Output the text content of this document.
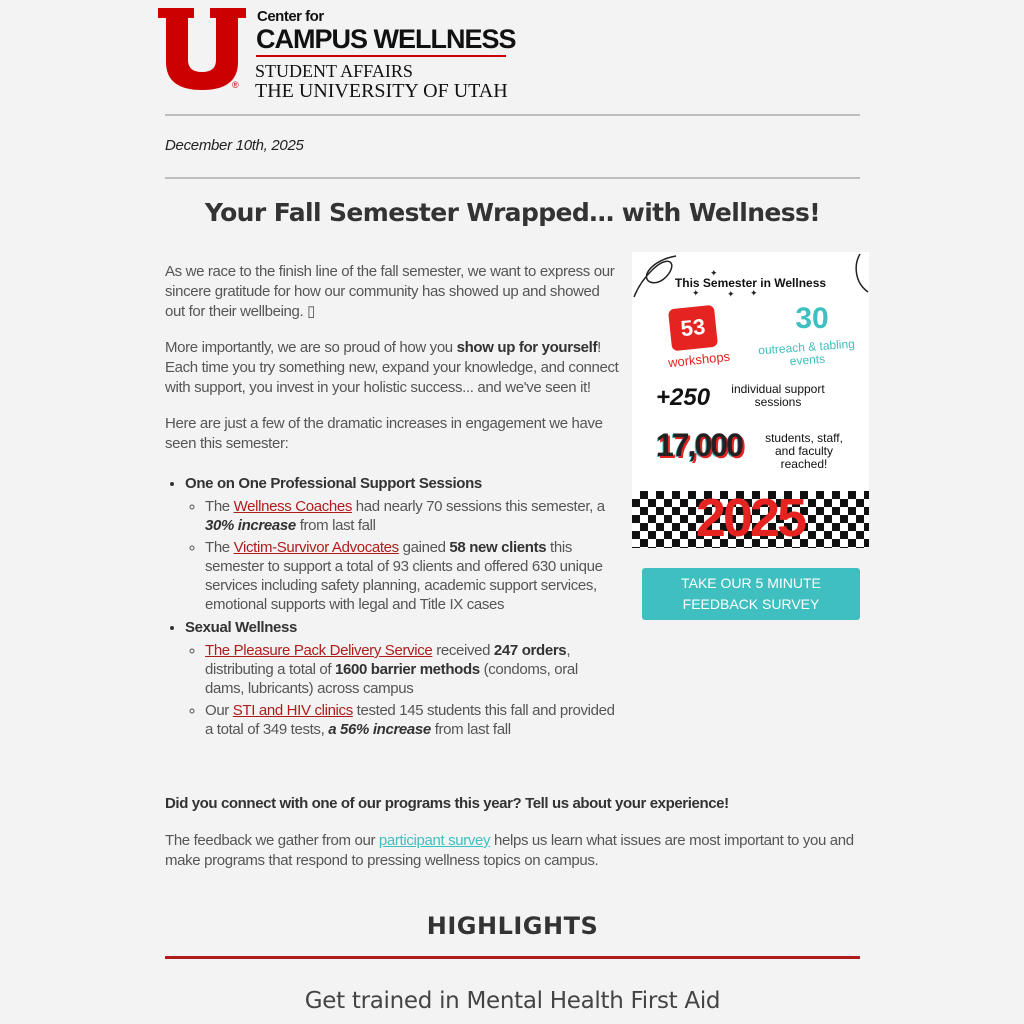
®
Center for
CAMPUS WELLNESS
STUDENT AFFAIRS
THE UNIVERSITY OF UTAH
December 10th, 2025
Your Fall Semester Wrapped… with Wellness!

As we race to the finish line of the fall semester, we want to express our sincere gratitude for how our community has showed up and showed out for their wellbeing. ▯

More importantly, we are so proud of how you show up for yourself! Each time you try something new, expand your knowledge, and connect with support, you invest in your holistic success... and we've seen it!

Here are just a few of the dramatic increases in engagement we have seen this semester:

• One on One Professional Support Sessions
◦ The Wellness Coaches had nearly 70 sessions this semester, a 30% increase from last fall
◦ The Victim-Survivor Advocates gained 58 new clients this semester to support a total of 93 clients and offered 630 unique services including safety planning, academic support services, emotional supports with legal and Title IX cases
• Sexual Wellness
◦ The Pleasure Pack Delivery Service received 247 orders, distributing a total of 1600 barrier methods (condoms, oral dams, lubricants) across campus
◦ Our STI and HIV clinics tested 145 students this fall and provided a total of 349 tests, a 56% increase from last fall
✦
✦ ✦
✦
This Semester in Wellness
53
workshops
30
outreach & tabling events
+250	individual support sessions
17,000	students, staff, and faculty reached!
2025
TAKE OUR 5 MINUTE FEEDBACK SURVEY
Did you connect with one of our programs this year? Tell us about your experience!
The feedback we gather from our participant survey helps us learn what issues are most important to you and make programs that respond to pressing wellness topics on campus.
HIGHLIGHTS
Get trained in Mental Health First Aid
